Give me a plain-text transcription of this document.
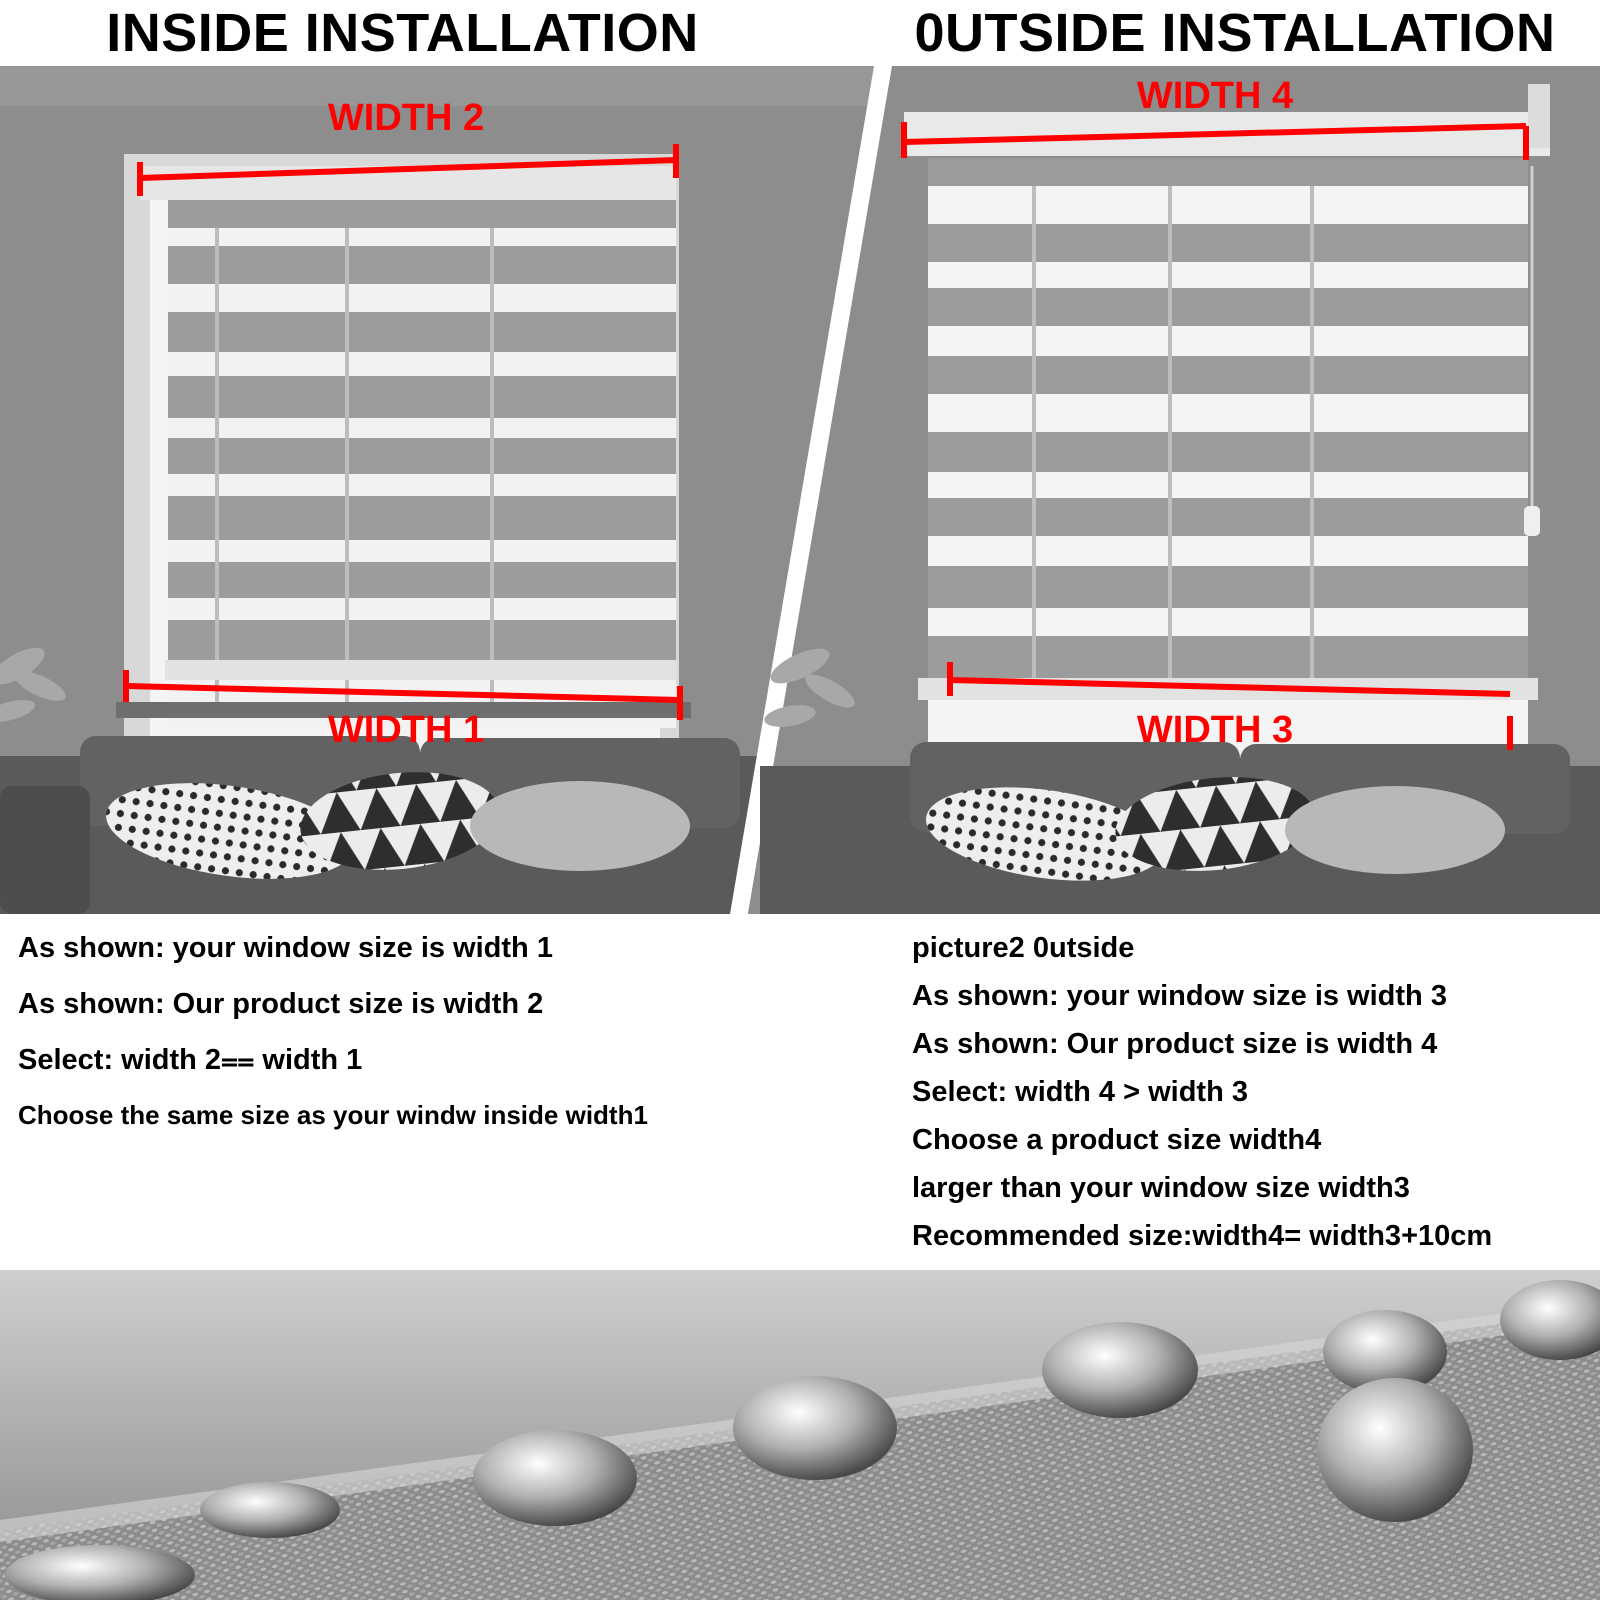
INSIDE INSTALLATION	0UTSIDE INSTALLATION
WIDTH 2
WIDTH 1
WIDTH 4
WIDTH 3
As shown: your window size is width 1
As shown: Our product size is width 2
Select: width 2⩵ width 1
Choose the same size as your windw inside width1
picture2 0utside
As shown: your window size is width 3
As shown: Our product size is width 4
Select: width 4 > width 3
Choose a product size width4
larger than your window size width3
Recommended size:width4= width3+10cm
